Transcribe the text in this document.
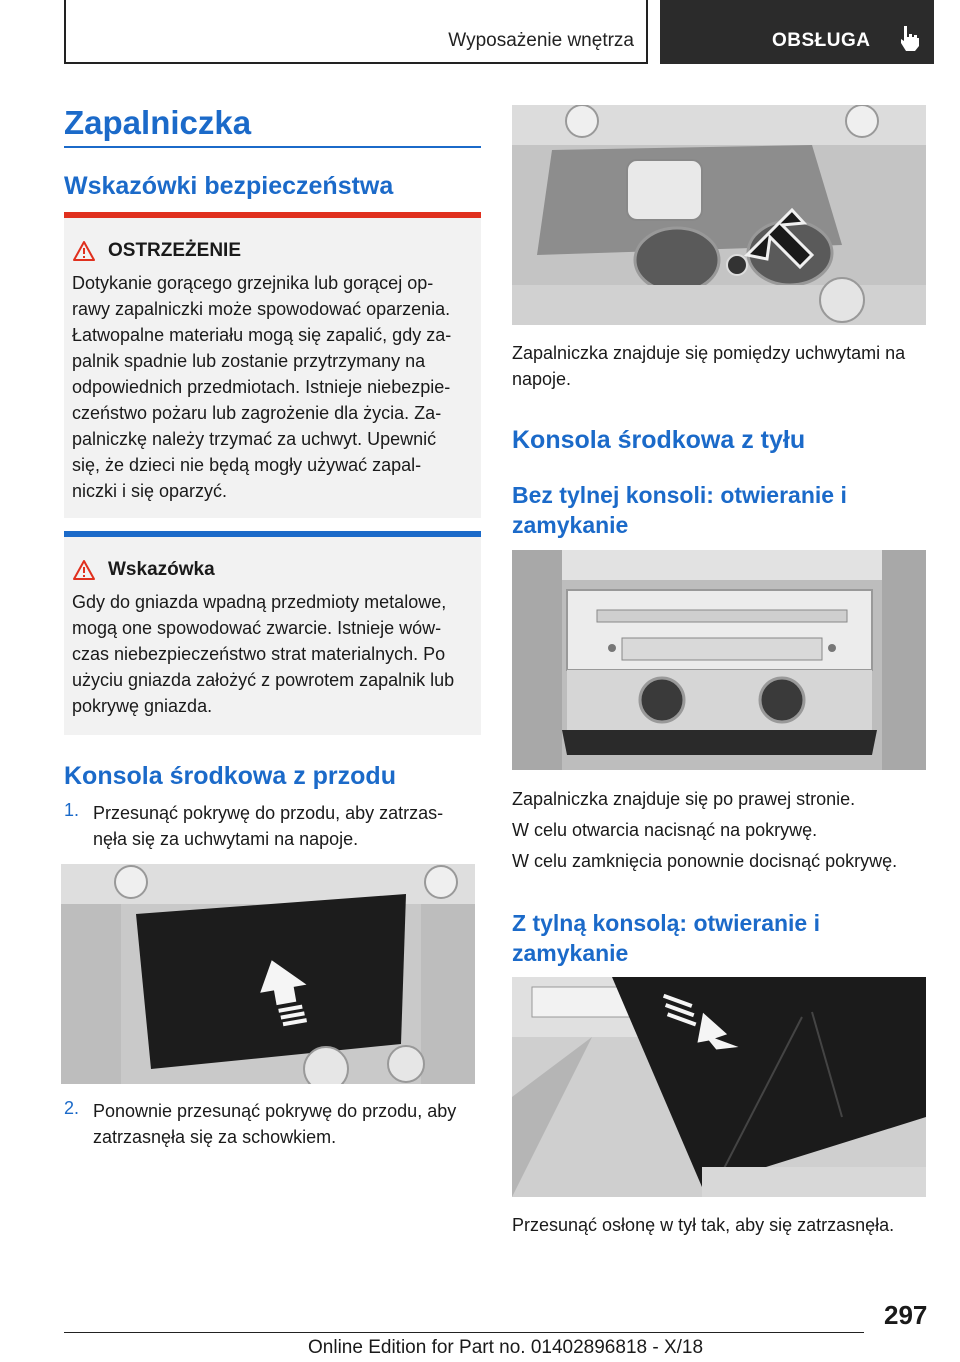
Wyposażenie wnętrza	OBSŁUGA
Zapalniczka
Wskazówki bezpieczeństwa
OSTRZEŻENIE
Dotykanie gorącego grzejnika lub gorącej op-
rawy zapalniczki może spowodować oparzenia.
Łatwopalne materiału mogą się zapalić, gdy za-
palnik spadnie lub zostanie przytrzymany na
odpowiednich przedmiotach. Istnieje niebezpie-
czeństwo pożaru lub zagrożenie dla życia. Za-
palniczkę należy trzymać za uchwyt. Upewnić
się, że dzieci nie będą mogły używać zapal-
niczki i się oparzyć.
Wskazówka
Gdy do gniazda wpadną przedmioty metalowe,
mogą one spowodować zwarcie. Istnieje wów-
czas niebezpieczeństwo strat materialnych. Po
użyciu gniazda założyć z powrotem zapalnik lub
pokrywę gniazda.
Konsola środkowa z przodu
1. Przesunąć pokrywę do przodu, aby zatrzas-
nęła się za uchwytami na napoje.
2. Ponownie przesunąć pokrywę do przodu, aby
zatrzasnęła się za schowkiem.
Zapalniczka znajduje się pomiędzy uchwytami na
napoje.
Konsola środkowa z tyłu
Bez tylnej konsoli: otwieranie i
zamykanie
Zapalniczka znajduje się po prawej stronie.
W celu otwarcia nacisnąć na pokrywę.
W celu zamknięcia ponownie docisnąć pokrywę.
Z tylną konsolą: otwieranie i
zamykanie
Przesunąć osłonę w tył tak, aby się zatrzasnęła.
297
Online Edition for Part no. 01402896818 - X/18
